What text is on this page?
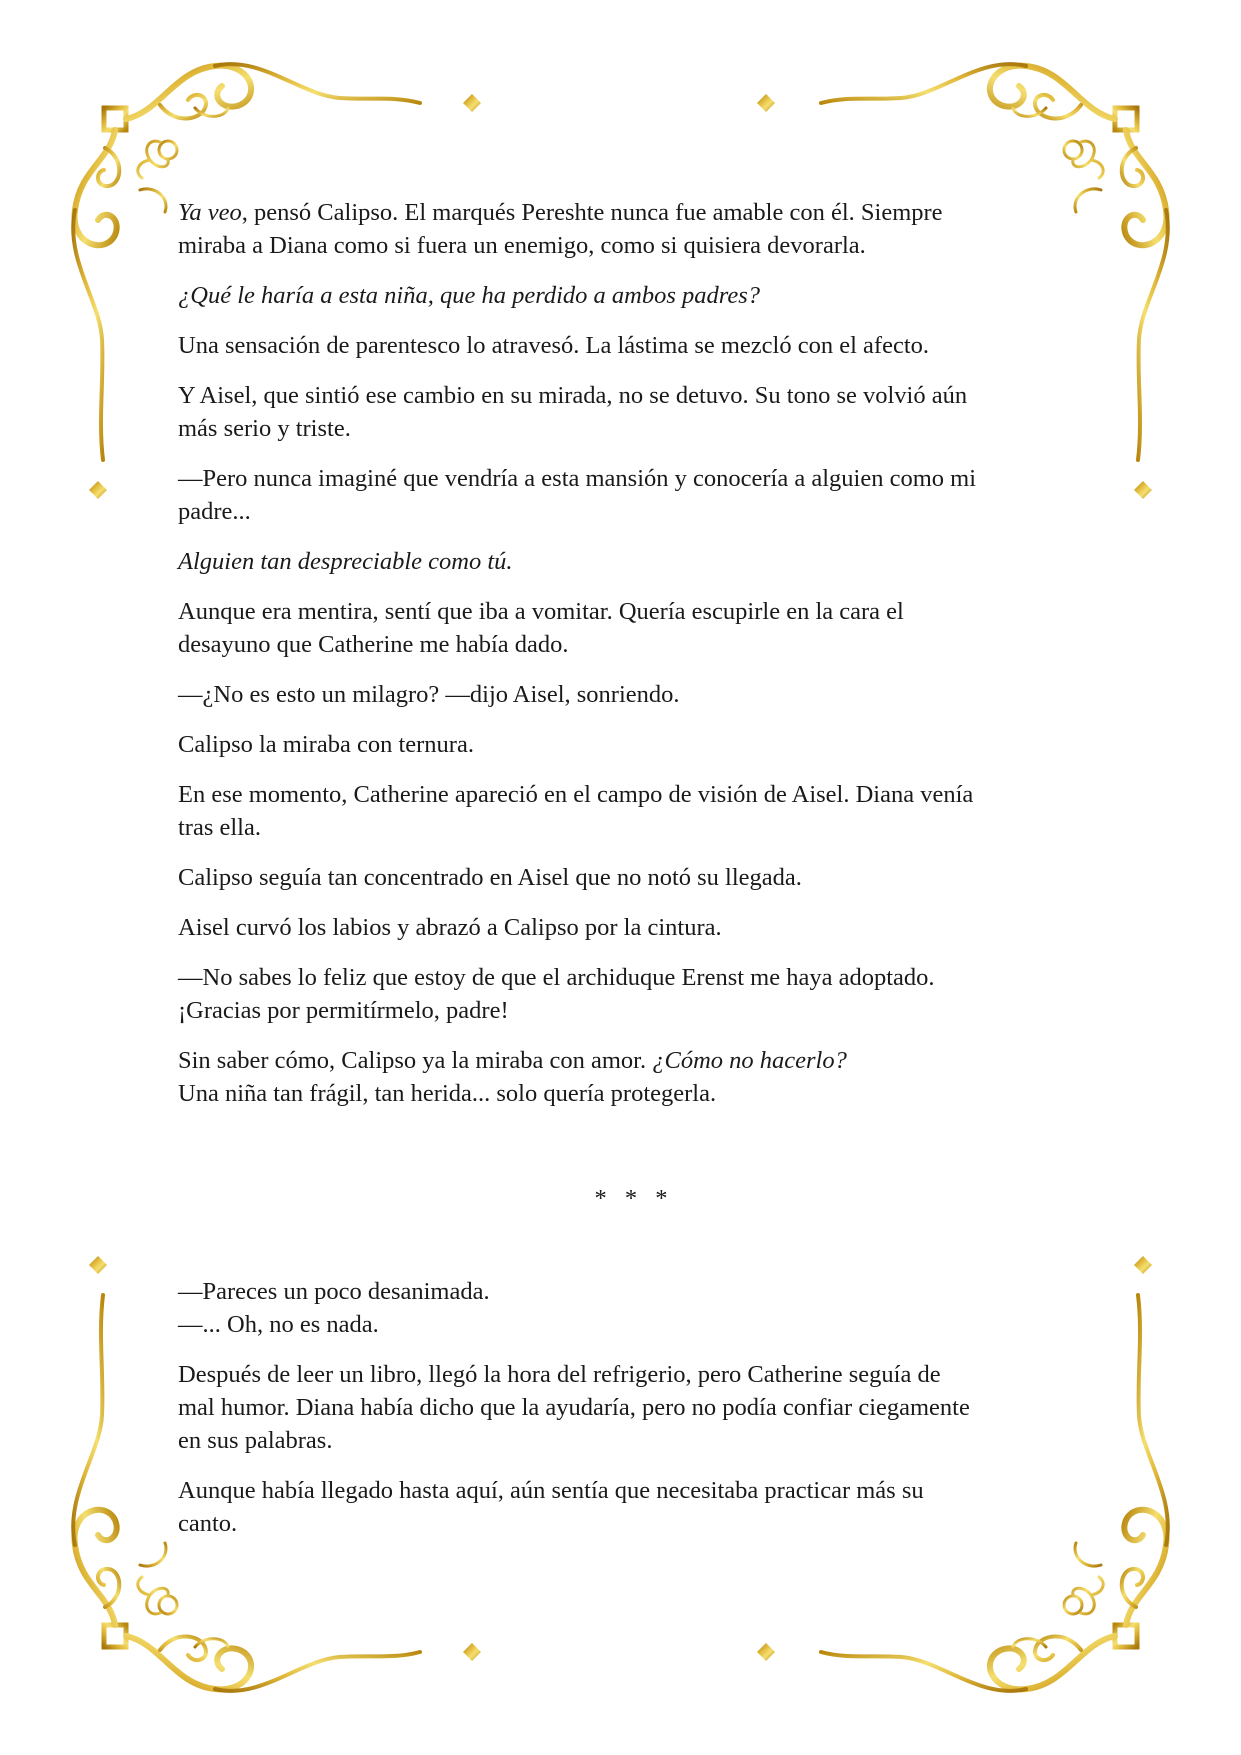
Ya veo, pensó Calipso. El marqués Pereshte nunca fue amable con él. Siempre
miraba a Diana como si fuera un enemigo, como si quisiera devorarla.

¿Qué le haría a esta niña, que ha perdido a ambos padres?

Una sensación de parentesco lo atravesó. La lástima se mezcló con el afecto.

Y Aisel, que sintió ese cambio en su mirada, no se detuvo. Su tono se volvió aún
más serio y triste.

—Pero nunca imaginé que vendría a esta mansión y conocería a alguien como mi
padre...

Alguien tan despreciable como tú.

Aunque era mentira, sentí que iba a vomitar. Quería escupirle en la cara el
desayuno que Catherine me había dado.

—¿No es esto un milagro? —dijo Aisel, sonriendo.

Calipso la miraba con ternura.

En ese momento, Catherine apareció en el campo de visión de Aisel. Diana venía
tras ella.

Calipso seguía tan concentrado en Aisel que no notó su llegada.

Aisel curvó los labios y abrazó a Calipso por la cintura.

—No sabes lo feliz que estoy de que el archiduque Erenst me haya adoptado.
¡Gracias por permitírmelo, padre!

Sin saber cómo, Calipso ya la miraba con amor. ¿Cómo no hacerlo?
Una niña tan frágil, tan herida... solo quería protegerla.

* * *

—Pareces un poco desanimada.
—... Oh, no es nada.

Después de leer un libro, llegó la hora del refrigerio, pero Catherine seguía de
mal humor. Diana había dicho que la ayudaría, pero no podía confiar ciegamente
en sus palabras.

Aunque había llegado hasta aquí, aún sentía que necesitaba practicar más su
canto.
